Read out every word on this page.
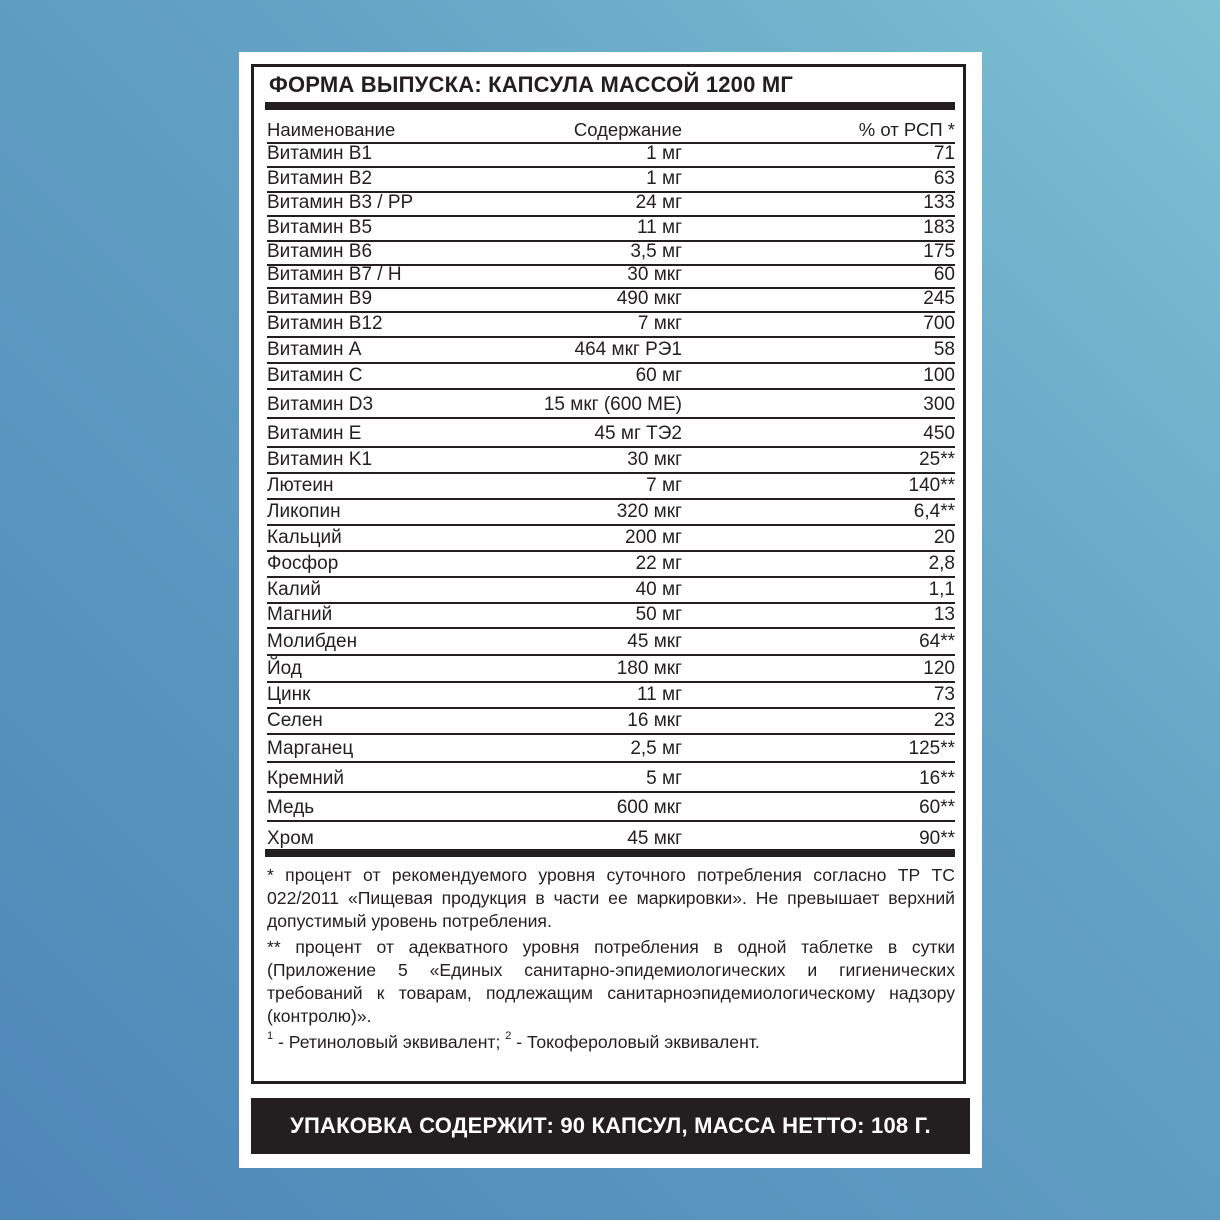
ФОРМА ВЫПУСКА: КАПСУЛА МАССОЙ 1200 МГ
Наименование	Содержание	% от РСП *
Витамин B1	1 мг	71
Витамин B2	1 мг	63
Витамин B3 / PP	24 мг	133
Витамин B5	11 мг	183
Витамин B6	3,5 мг	175
Витамин B7 / H	30 мкг	60
Витамин B9	490 мкг	245
Витамин B12	7 мкг	700
Витамин A	464 мкг РЭ1	58
Витамин C	60 мг	100
Витамин D3	15 мкг (600 МЕ)	300
Витамин E	45 мг ТЭ2	450
Витамин K1	30 мкг	25**
Лютеин	7 мг	140**
Ликопин	320 мкг	6,4**
Кальций	200 мг	20
Фосфор	22 мг	2,8
Калий	40 мг	1,1
Магний	50 мг	13
Молибден	45 мкг	64**
Йод	180 мкг	120
Цинк	11 мг	73
Селен	16 мкг	23
Марганец	2,5 мг	125**
Кремний	5 мг	16**
Медь	600 мкг	60**
Хром	45 мкг	90**

* процент от рекомендуемого уровня суточного потребления согласно ТР ТС 022/2011 «Пищевая продукция в части ее маркировки». Не превышает верхний допустимый уровень потребления.

** процент от адекватного уровня потребления в одной таблетке в сутки (Приложение 5 «Единых санитарно-эпидемиологических и гигиенических требований к товарам, подлежащим санитарноэпидемиологическому надзору (контролю)».

$^1$ - Ретиноловый эквивалент; $^2$ - Токофероловый эквивалент.

УПАКОВКА СОДЕРЖИТ: 90 КАПСУЛ, МАССА НЕТТО: 108 Г.
